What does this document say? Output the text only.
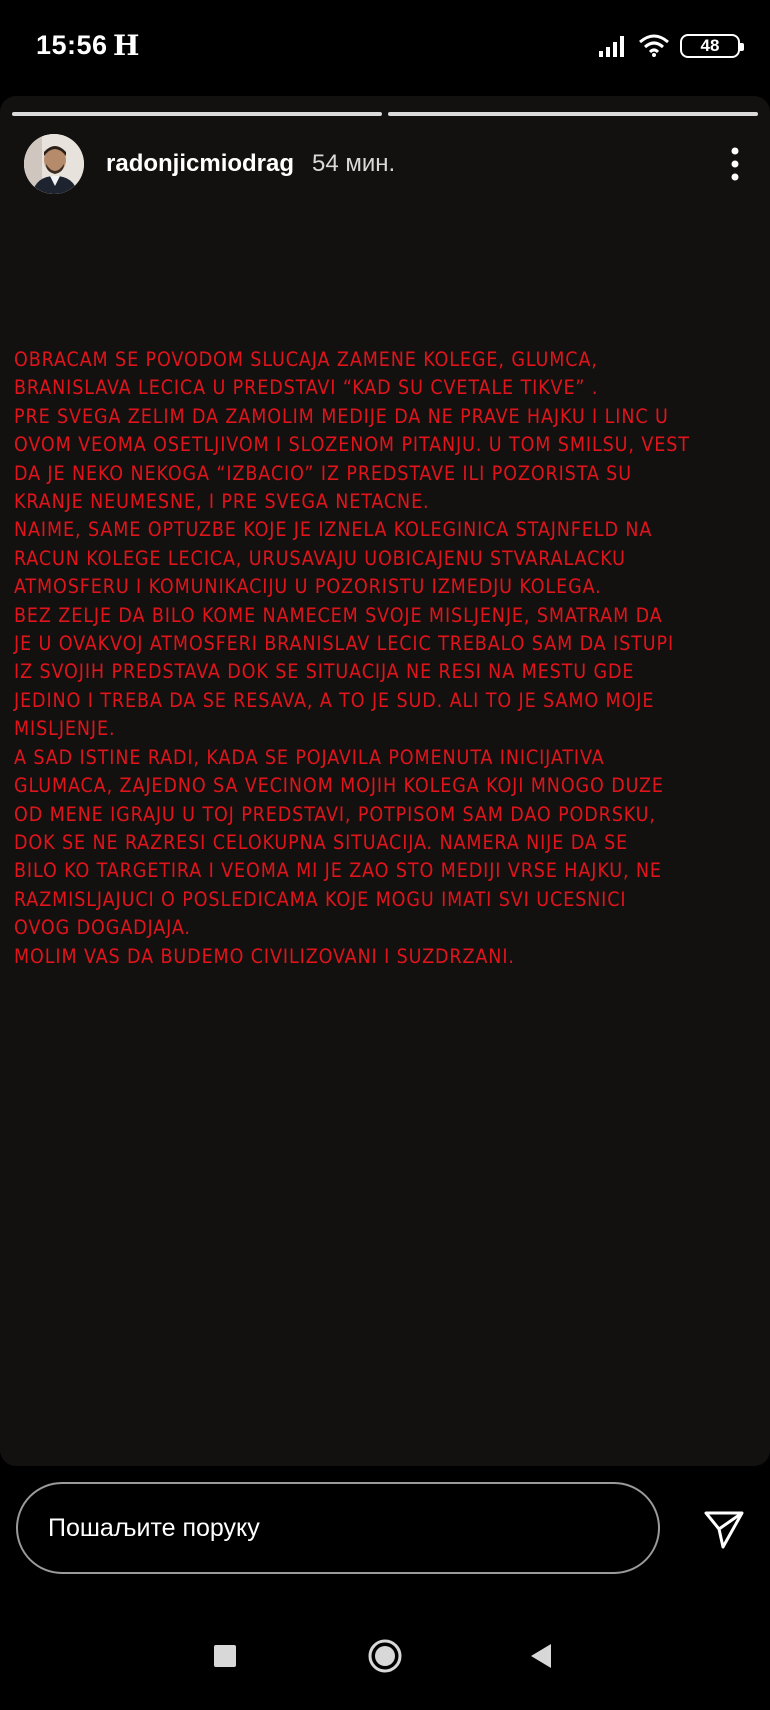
15:56 H	48
radonjicmiodrag 54 мин.
OBRACAM SE POVODOM SLUCAJA ZAMENE KOLEGE, GLUMCA,
BRANISLAVA LECICA U PREDSTAVI “KAD SU CVETALE TIKVE” .
PRE SVEGA ZELIM DA ZAMOLIM MEDIJE DA NE PRAVE HAJKU I LINC U
OVOM VEOMA OSETLJIVOM I SLOZENOM PITANJU. U TOM SMILSU, VEST
DA JE NEKO NEKOGA “IZBACIO” IZ PREDSTAVE ILI POZORISTA SU
KRANJE NEUMESNE, I PRE SVEGA NETACNE.
NAIME, SAME OPTUZBE KOJE JE IZNELA KOLEGINICA STAJNFELD NA
RACUN KOLEGE LECICA, URUSAVAJU UOBICAJENU STVARALACKU
ATMOSFERU I KOMUNIKACIJU U POZORISTU IZMEDJU KOLEGA.
BEZ ZELJE DA BILO KOME NAMECEM SVOJE MISLJENJE, SMATRAM DA
JE U OVAKVOJ ATMOSFERI BRANISLAV LECIC TREBALO SAM DA ISTUPI
IZ SVOJIH PREDSTAVA DOK SE SITUACIJA NE RESI NA MESTU GDE
JEDINO I TREBA DA SE RESAVA, A TO JE SUD. ALI TO JE SAMO MOJE
MISLJENJE.
A SAD ISTINE RADI, KADA SE POJAVILA POMENUTA INICIJATIVA
GLUMACA, ZAJEDNO SA VECINOM MOJIH KOLEGA KOJI MNOGO DUZE
OD MENE IGRAJU U TOJ PREDSTAVI, POTPISOM SAM DAO PODRSKU,
DOK SE NE RAZRESI CELOKUPNA SITUACIJA. NAMERA NIJE DA SE
BILO KO TARGETIRA I VEOMA MI JE ZAO STO MEDIJI VRSE HAJKU, NE
RAZMISLJAJUCI O POSLEDICAMA KOJE MOGU IMATI SVI UCESNICI
OVOG DOGADJAJA.
MOLIM VAS DA BUDEMO CIVILIZOVANI I SUZDRZANI.
Пошаљите поруку
